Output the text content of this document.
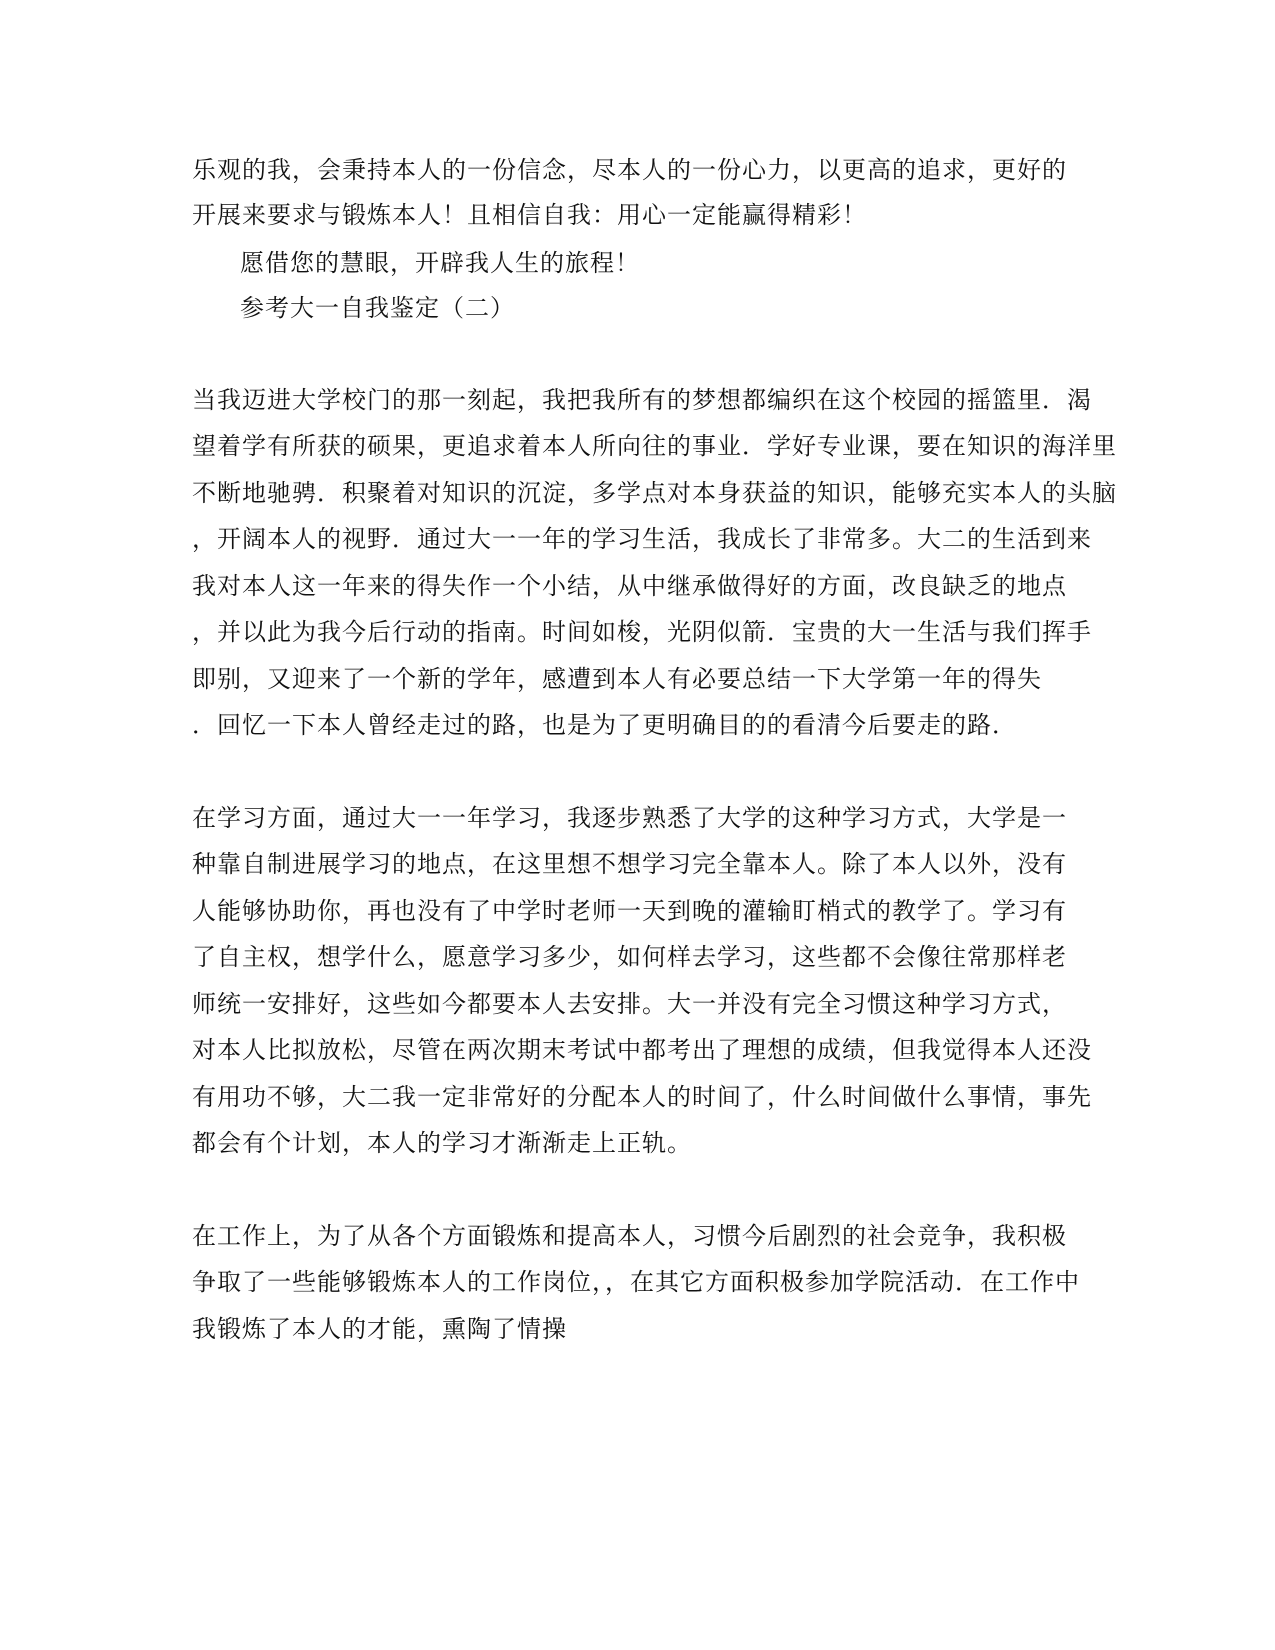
乐观的我，会秉持本人的一份信念，尽本人的一份心力，以更高的追求，更好的
开展来要求与锻炼本人！且相信自我：用心一定能赢得精彩！
愿借您的慧眼，开辟我人生的旅程！
参考大一自我鉴定（二）
当我迈进大学校门的那一刻起，我把我所有的梦想都编织在这个校园的摇篮里．渴
望着学有所获的硕果，更追求着本人所向往的事业．学好专业课，要在知识的海洋里
不断地驰骋．积聚着对知识的沉淀，多学点对本身获益的知识，能够充实本人的头脑
，开阔本人的视野．通过大一一年的学习生活，我成长了非常多。大二的生活到来
我对本人这一年来的得失作一个小结，从中继承做得好的方面，改良缺乏的地点
，并以此为我今后行动的指南。时间如梭，光阴似箭．宝贵的大一生活与我们挥手
即别，又迎来了一个新的学年，感遭到本人有必要总结一下大学第一年的得失
．回忆一下本人曾经走过的路，也是为了更明确目的的看清今后要走的路．
在学习方面，通过大一一年学习，我逐步熟悉了大学的这种学习方式，大学是一
种靠自制进展学习的地点，在这里想不想学习完全靠本人。除了本人以外，没有
人能够协助你，再也没有了中学时老师一天到晚的灌输盯梢式的教学了。学习有
了自主权，想学什么，愿意学习多少，如何样去学习，这些都不会像往常那样老
师统一安排好，这些如今都要本人去安排。大一并没有完全习惯这种学习方式，
对本人比拟放松，尽管在两次期末考试中都考出了理想的成绩，但我觉得本人还没
有用功不够，大二我一定非常好的分配本人的时间了，什么时间做什么事情，事先
都会有个计划，本人的学习才渐渐走上正轨。
在工作上，为了从各个方面锻炼和提高本人，习惯今后剧烈的社会竞争，我积极
争取了一些能够锻炼本人的工作岗位，，在其它方面积极参加学院活动．在工作中
我锻炼了本人的才能，熏陶了情操
